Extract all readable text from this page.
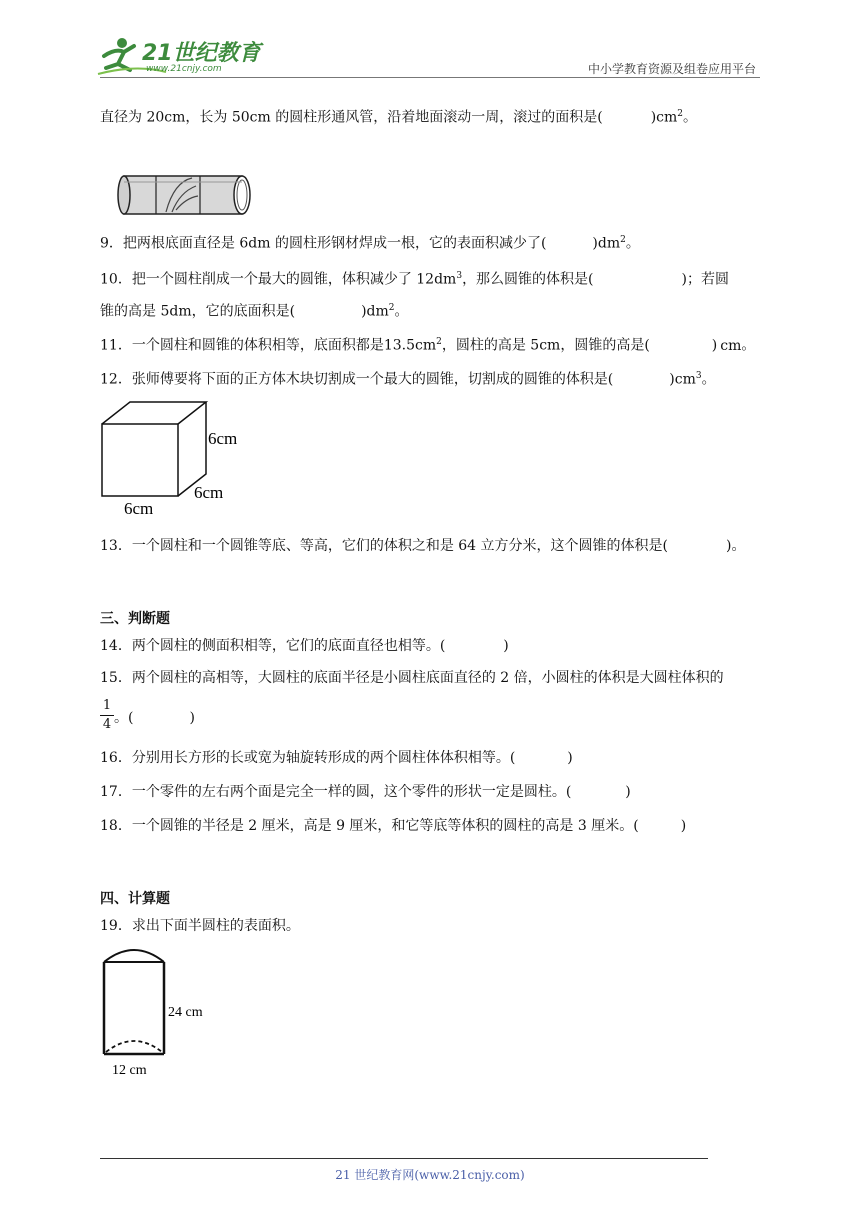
21世纪教育
www.21cnjy.com	中小学教育资源及组卷应用平台
直径为 20cm，长为 50cm 的圆柱形通风管，沿着地面滚动一周，滚过的面积是(	)$cm^2$。
9．把两根底面直径是 6dm 的圆柱形钢材焊成一根，它的表面积减少了(	)$dm^2$。
10．把一个圆柱削成一个最大的圆锥，体积减少了 $12dm^3$，那么圆锥的体积是(	)；若圆
锥的高是 5dm，它的底面积是(	)$dm^2$。
11．一个圆柱和圆锥的体积相等，底面积都是$13.5cm^2$，圆柱的高是 5cm，圆锥的高是(	) cm。
12．张师傅要将下面的正方体木块切割成一个最大的圆锥，切割成的圆锥的体积是(	)$cm^3$。
6cm
6cm
6cm
13．一个圆柱和一个圆锥等底、等高，它们的体积之和是 64 立方分米，这个圆锥的体积是(	)。
三、判断题
14．两个圆柱的侧面积相等，它们的底面直径也相等。(	)
15．两个圆柱的高相等，大圆柱的底面半径是小圆柱底面直径的 2 倍，小圆柱的体积是大圆柱体积的
1
4 。(	)
16．分别用长方形的长或宽为轴旋转形成的两个圆柱体体积相等。(	)
17．一个零件的左右两个面是完全一样的圆，这个零件的形状一定是圆柱。(	)
18．一个圆锥的半径是 2 厘米，高是 9 厘米，和它等底等体积的圆柱的高是 3 厘米。(	)
四、计算题
19．求出下面半圆柱的表面积。
24 cm
12 cm
21 世纪教育网(www.21cnjy.com)
